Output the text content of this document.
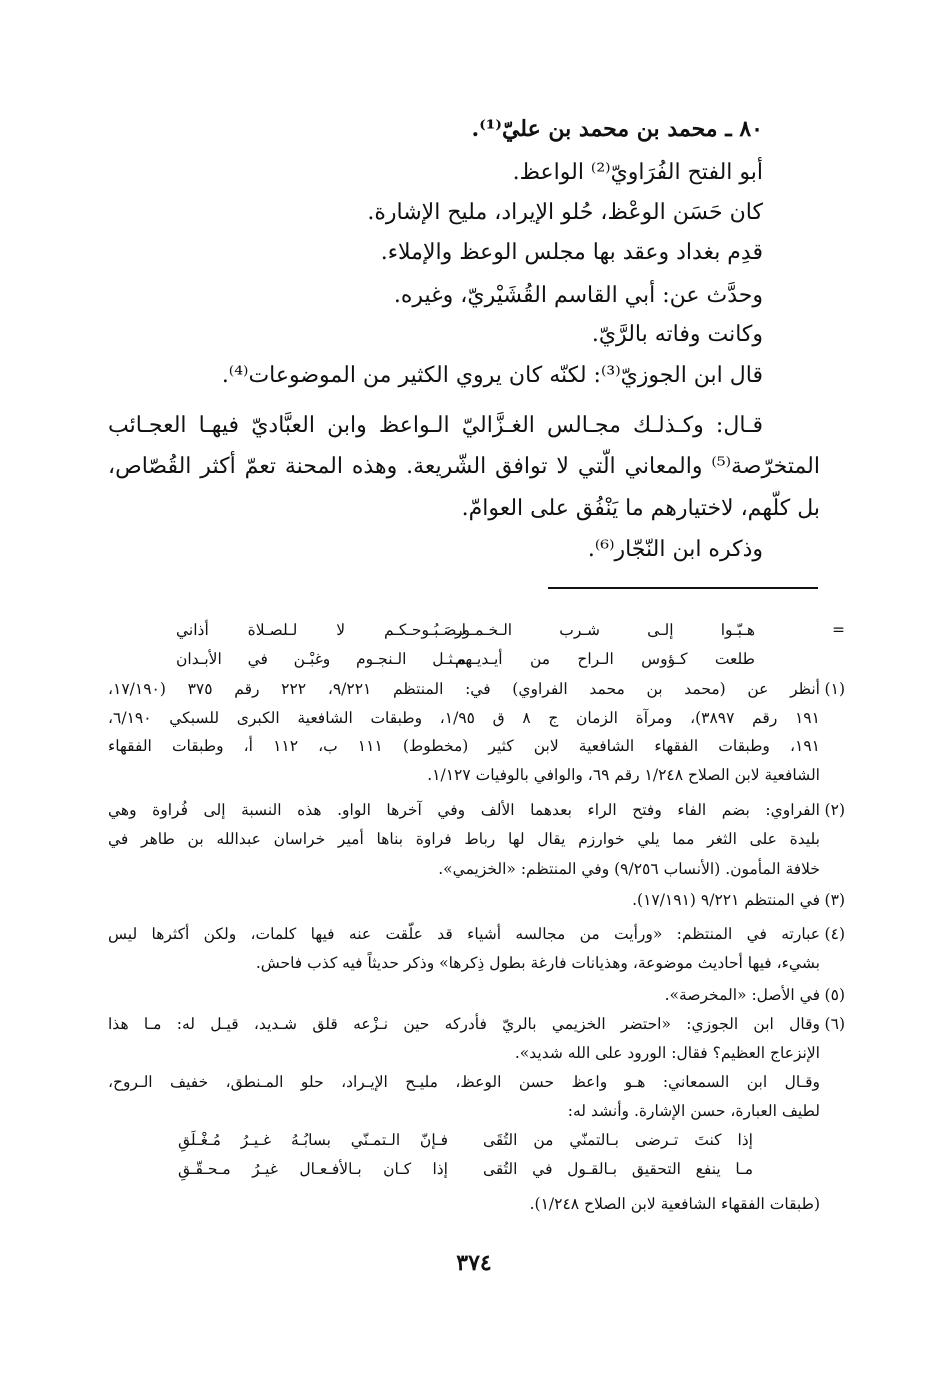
٨٠ ـ محمد بن محمد بن عليّ⁽¹⁾.
أبو الفتح الفُرَاويّ⁽²⁾ الواعظ.
كان حَسَن الوعْظ، حُلو الإيراد، مليح الإشارة.
قدِم بغداد وعقد بها مجلس الوعظ والإملاء.
وحدَّث عن: أبي القاسم القُشَيْريّ، وغيره.
وكانت وفاته بالرَّيّ.
قال ابن الجوزيّ⁽³⁾: لكنّه كان يروي الكثير من الموضوعات⁽⁴⁾.
قـال: وكـذلـك مجـالس الغـزَّاليّ الـواعظ وابن العبَّاديّ فيهـا العجـائب
المتخرّصة⁽⁵⁾ والمعاني الّتي لا توافق الشّريعة. وهذه المحنة تعمّ أكثر القُصّاص،
بل كلّهم، لاختيارهم ما يَنْفُق على العوامّ.
وذكره ابن النّجّار⁽⁶⁾.
=
هـبّـوا إلـى شـرب الـخـمـور
لـصَـبُـوحـكـم لا لـلصـلاة أذاني
طلعت كـؤوس الـراح من أيـديـهم
مـثـل الـنجـوم وغبْـن في الأبـدان
(١)
أنظر عن (محمد بن محمد الفراوي) في: المنتظم ٩/٢٢١، ٢٢٢ رقم ٣٧٥ (١٧/١٩٠،
١٩١ رقم ٣٨٩٧)، ومرآة الزمان ج ٨ ق ١/٩٥، وطبقات الشافعية الكبرى للسبكي ٦/١٩٠،
١٩١، وطبقات الفقهاء الشافعية لابن كثير (مخطوط) ١١١ ب، ١١٢ أ، وطبقات الفقهاء
الشافعية لابن الصلاح ١/٢٤٨ رقم ٦٩، والوافي بالوفيات ١/١٢٧.
(٢)
الفراوي: بضم الفاء وفتح الراء بعدهما الألف وفي آخرها الواو. هذه النسبة إلى فُراوة وهي
بليدة على الثغر مما يلي خوارزم يقال لها رباط فراوة بناها أمير خراسان عبدالله بن طاهر في
خلافة المأمون. (الأنساب ٩/٢٥٦) وفي المنتظم: «الخزيمي».
(٣)
في المنتظم ٩/٢٢١ (١٧/١٩١).
(٤)
عبارته في المنتظم: «ورأيت من مجالسه أشياء قد علّقت عنه فيها كلمات، ولكن أكثرها ليس
بشيء، فيها أحاديث موضوعة، وهذيانات فارغة بطول ذِكرها» وذكر حديثاً فيه كذب فاحش.
(٥)
في الأصل: «المخرصة».
(٦)
وقال ابن الجوزي: «احتضر الخزيمي بالريّ فأدركه حين نـزْعه قلق شـديد، قيـل له: مـا هذا
الإنزعاج العظيم؟ فقال: الورود على الله شديد».
وقـال ابن السمعاني: هـو واعظ حسن الوعظ، مليـح الإيـراد، حلو المـنطق، خفيف الـروح،
لطيف العبارة، حسن الإشارة. وأنشد له:
إذا كنتَ تـرضى بـالتمنّي من التُقَى
فـإنّ الـتمـنّي بسابُـهُ غـيـرُ مُـغْـلَقِ
مـا ينفع التحقيق بـالقـول في التُقى
إذا كـان بـالأفـعـال غيـرُ مـحـقّـقِ
(طبقات الفقهاء الشافعية لابن الصلاح ١/٢٤٨).
٣٧٤
